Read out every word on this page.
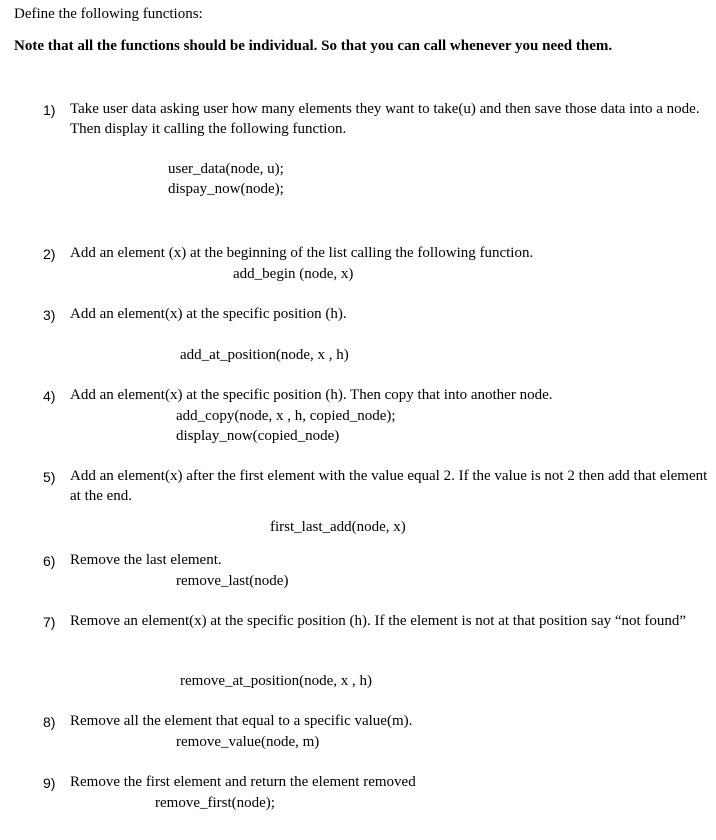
Define the following functions:
Note that all the functions should be individual. So that you can call whenever you need them.
1) Take user data asking user how many elements they want to take(u) and then save those data into a node. Then display it calling the following function.
user_data(node, u);
dispay_now(node);
2) Add an element (x) at the beginning of the list calling the following function.
add_begin (node, x)
3) Add an element(x) at the specific position (h).
add_at_position(node, x , h)
4) Add an element(x) at the specific position (h). Then copy that into another node.
add_copy(node, x , h, copied_node);
display_now(copied_node)
5) Add an element(x) after the first element with the value equal 2. If the value is not 2 then add that element at the end.
first_last_add(node, x)
6) Remove the last element.
remove_last(node)
7) Remove an element(x) at the specific position (h). If the element is not at that position say “not found”
remove_at_position(node, x , h)
8) Remove all the element that equal to a specific value(m).
remove_value(node, m)
9) Remove the first element and return the element removed
remove_first(node);
